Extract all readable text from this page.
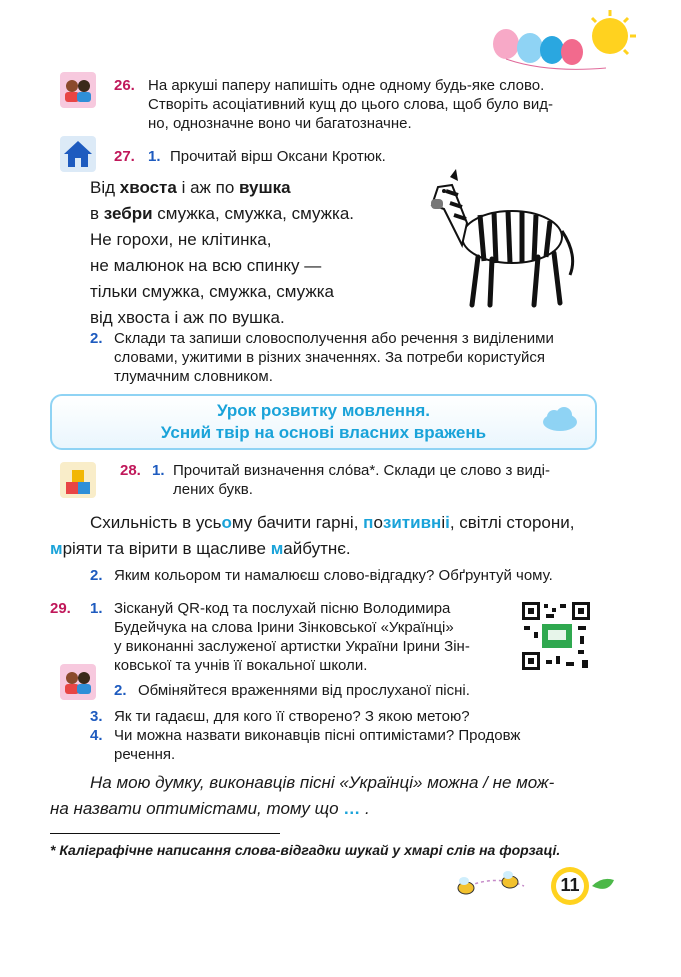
26. На аркуші паперу напишіть одне одному будь-яке слово.
Створіть асоціативний кущ до цього слова, щоб було вид-
но, однозначне воно чи багатозначне.
27. 1. Прочитай вірш Оксани Кротюк.
Від хвоста і аж по вушка
в зебри смужка, смужка, смужка.
Не горохи, не клітинка,
не малюнок на всю спинку —
тільки смужка, смужка, смужка
від хвоста і аж по вушка.
2. Склади та запиши словосполучення або речення з виділеними
словами, ужитими в різних значеннях. За потреби користуйся
тлумачним словником.
Урок розвитку мовлення.
Усний твір на основі власних вражень
28. 1. Прочитай визначення сло́ва*. Склади це слово з виді-
лених букв.
Схильність в усьому бачити гарні, позитивніі, світлі сторони,
мріяти та вірити в щасливе майбутнє.
2. Яким кольором ти намалюєш слово-відгадку? Обґрунтуй чому.
29. 1. Зіскануй QR-код та послухай пісню Володимира
Будейчука на слова Ірини Зінковської «Українці»
у виконанні заслуженої артистки України Ірини Зін-
ковської та учнів її вокальної школи.
2. Обміняйтеся враженнями від прослуханої пісні.
3. Як ти гадаєш, для кого її створено? З якою метою?
4. Чи можна назвати виконавців пісні оптимістами? Продовж
речення.
На мою думку, виконавців пісні «Українці» можна / не мож-
на назвати оптимістами, тому що … .
* Каліграфічне написання слова-відгадки шукай у хмарі слів на форзаці.
11
